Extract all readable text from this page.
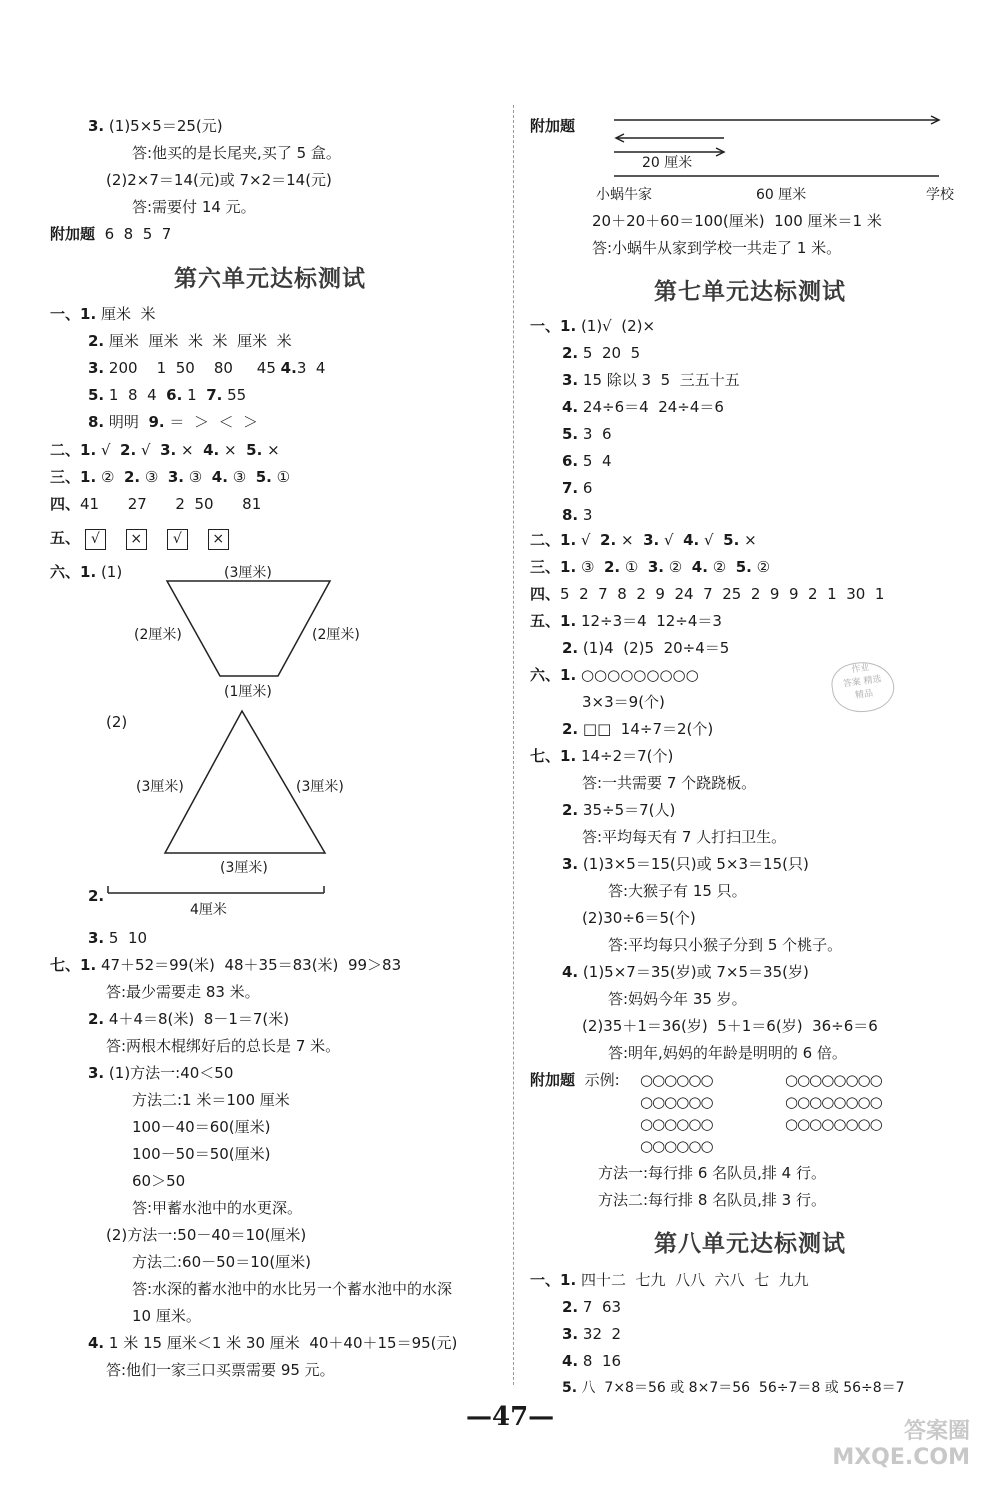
3. (1)5×5＝25(元)
答:他买的是长尾夹,买了 5 盒。
(2)2×7＝14(元)或 7×2＝14(元)
答:需要付 14 元。
附加题 6  8  5  7
第六单元达标测试
一、1. 厘米  米
2. 厘米  厘米  米  米  厘米  米
3. 200    1  50    80     45 4.3  4
5. 1  8  4 6. 1 7. 55
8. 明明 9. ＝  ＞  ＜  ＞
二、1. √ 2. √ 3. × 4. × 5. ×
三、1. ② 2. ③ 3. ③ 4. ③ 5. ①
四、41      27      2  50      81
五、 √ × √ ×
六、1. (1)	(3厘米)
(2厘米)	(2厘米)
(1厘米)
(2)
(3厘米)	(3厘米)
(3厘米)
2.
4厘米
3. 5  10
七、1. 47＋52＝99(米)  48＋35＝83(米)  99＞83
答:最少需要走 83 米。
2. 4＋4＝8(米)  8－1＝7(米)
答:两根木棍绑好后的总长是 7 米。
3. (1)方法一:40＜50
方法二:1 米＝100 厘米
100－40＝60(厘米)
100－50＝50(厘米)
60＞50
答:甲蓄水池中的水更深。
(2)方法一:50－40＝10(厘米)
方法二:60－50＝10(厘米)
答:水深的蓄水池中的水比另一个蓄水池中的水深
10 厘米。
4. 1 米 15 厘米＜1 米 30 厘米  40＋40＋15＝95(元)
答:他们一家三口买票需要 95 元。
附加题
20 厘米
小蜗牛家	60 厘米	学校
20＋20＋60＝100(厘米)  100 厘米＝1 米
答:小蜗牛从家到学校一共走了 1 米。
第七单元达标测试
一、1. (1)√  (2)×
2. 5  20  5
3. 15 除以 3  5  三五十五
4. 24÷6＝4  24÷4＝6
5. 3  6
6. 5  4
7. 6
8. 3
二、1. √ 2. × 3. √ 4. √ 5. ×
三、1. ③ 2. ① 3. ② 4. ② 5. ②
四、5  2  7  8  2  9  24  7  25  2  9  9  2  1  30  1
五、1. 12÷3＝4  12÷4＝3
2. (1)4  (2)5  20÷4＝5
六、1. ○○○○○○○○○
3×3＝9(个)
2. □□  14÷7＝2(个)
七、1. 14÷2＝7(个)
答:一共需要 7 个跷跷板。
2. 35÷5＝7(人)
答:平均每天有 7 人打扫卫生。
3. (1)3×5＝15(只)或 5×3＝15(只)
答:大猴子有 15 只。
(2)30÷6＝5(个)
答:平均每只小猴子分到 5 个桃子。
4. (1)5×7＝35(岁)或 7×5＝35(岁)
答:妈妈今年 35 岁。
(2)35＋1＝36(岁)  5＋1＝6(岁)  36÷6＝6
答:明年,妈妈的年龄是明明的 6 倍。
附加题 示例: ○○○○○○
○○○○○○
○○○○○○
○○○○○○
○○○○○○○○
○○○○○○○○
○○○○○○○○
方法一:每行排 6 名队员,排 4 行。
方法二:每行排 8 名队员,排 3 行。
第八单元达标测试
一、1. 四十二  七九  八八  六八  七  九九
2. 7  63
3. 32  2
4. 8  16
5. 八  7×8＝56 或 8×7＝56  56÷7＝8 或 56÷8＝7
作业
答案 精选
精品
—47—	答案圈
MXQE.COM
